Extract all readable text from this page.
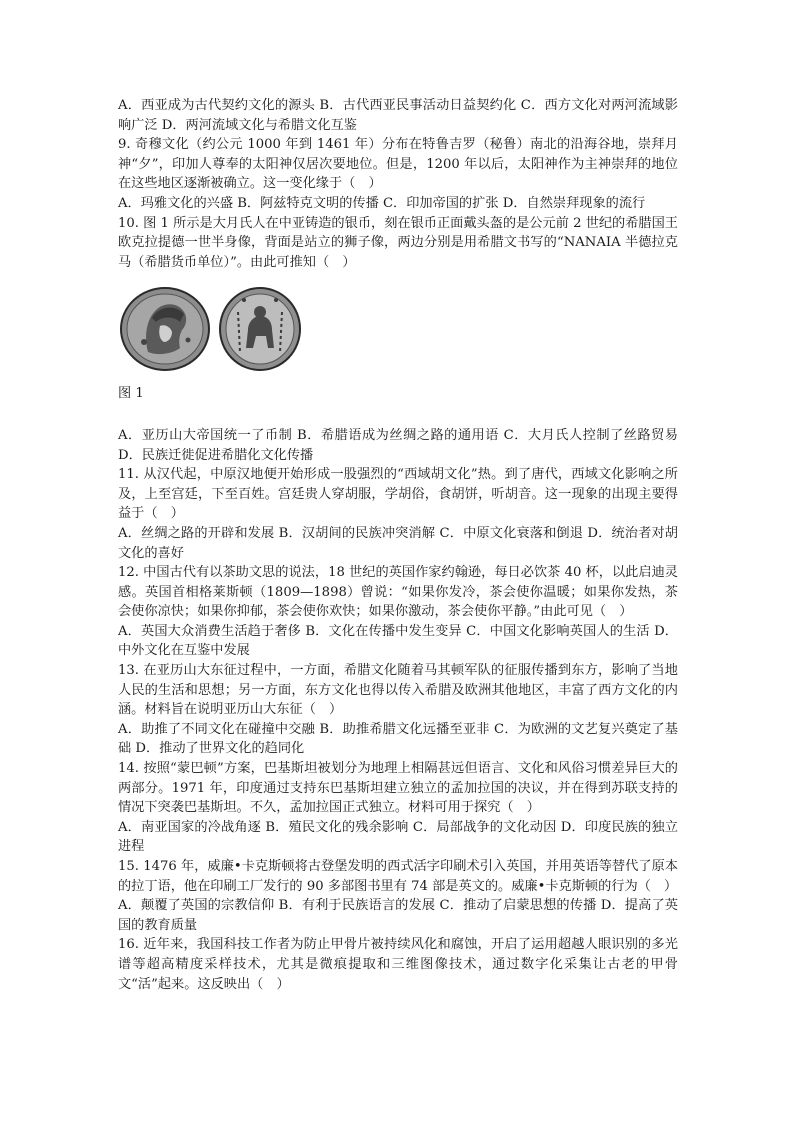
A．西亚成为古代契约文化的源头 B．古代西亚民事活动日益契约化 C．西方文化对两河流域影响广泛 D．两河流域文化与希腊文化互鉴

9. 奇穆文化（约公元 1000 年到 1461 年）分布在特鲁吉罗（秘鲁）南北的沿海谷地，崇拜月神“夕”，印加人尊奉的太阳神仅居次要地位。但是，1200 年以后，太阳神作为主神崇拜的地位在这些地区逐渐被确立。这一变化缘于（　）

A．玛雅文化的兴盛 B．阿兹特克文明的传播 C．印加帝国的扩张 D．自然崇拜现象的流行

10. 图 1 所示是大月氏人在中亚铸造的银币，刻在银币正面戴头盔的是公元前 2 世纪的希腊国王欧克拉提德一世半身像，背面是站立的狮子像，两边分别是用希腊文书写的“NANAIA 半德拉克马（希腊货币单位）”。由此可推知（　）

图 1

A．亚历山大帝国统一了币制 B．希腊语成为丝绸之路的通用语 C．大月氏人控制了丝路贸易 D．民族迁徙促进希腊化文化传播

11. 从汉代起，中原汉地便开始形成一股强烈的“西域胡文化”热。到了唐代，西域文化影响之所及，上至宫廷，下至百姓。宫廷贵人穿胡服，学胡俗，食胡饼，听胡音。这一现象的出现主要得益于（　）

A．丝绸之路的开辟和发展 B．汉胡间的民族冲突消解 C．中原文化衰落和倒退 D．统治者对胡文化的喜好

12. 中国古代有以茶助文思的说法，18 世纪的英国作家约翰逊，每日必饮茶 40 杯，以此启迪灵感。英国首相格莱斯顿（1809—1898）曾说：“如果你发冷，茶会使你温暖；如果你发热，茶会使你凉快；如果你抑郁，茶会使你欢快；如果你激动，茶会使你平静。”由此可见（　）

A．英国大众消费生活趋于奢侈 B．文化在传播中发生变异 C．中国文化影响英国人的生活 D．中外文化在互鉴中发展

13. 在亚历山大东征过程中，一方面，希腊文化随着马其顿军队的征服传播到东方，影响了当地人民的生活和思想；另一方面，东方文化也得以传入希腊及欧洲其他地区，丰富了西方文化的内涵。材料旨在说明亚历山大东征（　）

A．助推了不同文化在碰撞中交融 B．助推希腊文化远播至亚非 C．为欧洲的文艺复兴奠定了基础 D．推动了世界文化的趋同化

14. 按照“蒙巴顿”方案，巴基斯坦被划分为地理上相隔甚远但语言、文化和风俗习惯差异巨大的两部分。1971 年，印度通过支持东巴基斯坦建立独立的孟加拉国的决议，并在得到苏联支持的情况下突袭巴基斯坦。不久，孟加拉国正式独立。材料可用于探究（　）

A．南亚国家的冷战角逐 B．殖民文化的残余影响 C．局部战争的文化动因 D．印度民族的独立进程

15. 1476 年，威廉•卡克斯顿将古登堡发明的西式活字印刷术引入英国，并用英语等替代了原本的拉丁语，他在印刷工厂发行的 90 多部图书里有 74 部是英文的。威廉•卡克斯顿的行为（　）

A．颠覆了英国的宗教信仰 B．有利于民族语言的发展 C．推动了启蒙思想的传播 D．提高了英国的教育质量

16. 近年来，我国科技工作者为防止甲骨片被持续风化和腐蚀，开启了运用超越人眼识别的多光谱等超高精度采样技术，尤其是微痕提取和三维图像技术，通过数字化采集让古老的甲骨文“活”起来。这反映出（　）
